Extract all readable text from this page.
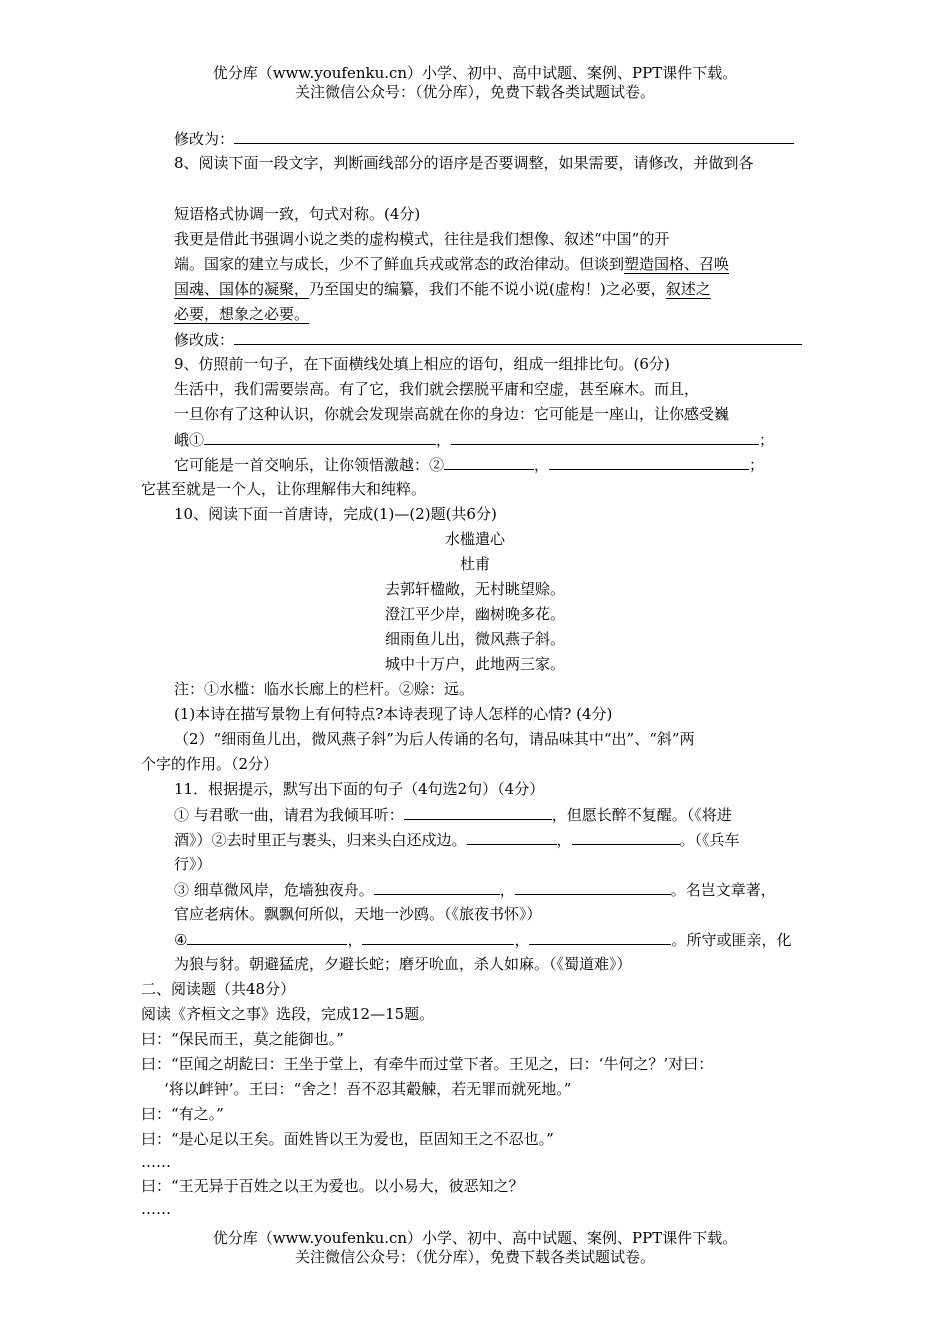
优分库（www.youfenku.cn）小学、初中、高中试题、案例、PPT课件下载。
关注微信公众号：（优分库），免费下载各类试题试卷。
修改为：
8、阅读下面一段文字，判断画线部分的语序是否要调整，如果需要，请修改，并做到各
短语格式协调一致，句式对称。(4分)
我更是借此书强调小说之类的虚构模式，往往是我们想像、叙述“中国”的开
端。国家的建立与成长，少不了鲜血兵戎或常态的政治律动。但谈到塑造国格、召唤
国魂、国体的凝聚，乃至国史的编纂，我们不能不说小说(虚构！)之必要，叙述之
必要，想象之必要。
修改成：
9、仿照前一句子，在下面横线处填上相应的语句，组成一组排比句。(6分)
生活中，我们需要崇高。有了它，我们就会摆脱平庸和空虚，甚至麻木。而且，
一旦你有了这种认识，你就会发现崇高就在你的身边：它可能是一座山，让你感受巍
峨①	，	；
它可能是一首交响乐，让你领悟激越：②	，	；
它甚至就是一个人，让你理解伟大和纯粹。
10、阅读下面一首唐诗，完成(1)—(2)题(共6分)
水槛遣心
杜甫
去郭轩楹敞，无村眺望赊。
澄江平少岸，幽树晚多花。
细雨鱼儿出，微风燕子斜。
城中十万户，此地两三家。
注：①水槛：临水长廊上的栏杆。②赊：远。
(1)本诗在描写景物上有何特点?本诗表现了诗人怎样的心情? (4分)
（2）“细雨鱼儿出，微风燕子斜”为后人传诵的名句，请品味其中“出”、“斜”两
个字的作用。（2分）
11．根据提示，默写出下面的句子（4句选2句）（4分）
① 与君歌一曲，请君为我倾耳听：	，但愿长醉不复醒。（《将进
酒》）②去时里正与裹头，归来头白还戍边。	，	。（《兵车
行》）
③ 细草微风岸，危墙独夜舟。	，	。名岂文章著，
官应老病休。飘飘何所似，天地一沙鸥。（《旅夜书怀》）
④	，	，	。所守或匪亲，化
为狼与豺。朝避猛虎，夕避长蛇；磨牙吮血，杀人如麻。（《蜀道难》）
二、阅读题（共48分）
阅读《齐桓文之事》选段，完成12—15题。
曰：“保民而王，莫之能御也。”
曰：“臣闻之胡龁曰：王坐于堂上，有牵牛而过堂下者。王见之，曰：‘牛何之？’对曰：
‘将以衅钟’。王曰：“舍之！吾不忍其觳觫，若无罪而就死地。”
曰：“有之。”
曰：“是心足以王矣。面姓皆以王为爱也，臣固知王之不忍也。”
……
曰：“王无异于百姓之以王为爱也。以小易大，彼恶知之？
……
优分库（www.youfenku.cn）小学、初中、高中试题、案例、PPT课件下载。
关注微信公众号：（优分库），免费下载各类试题试卷。
